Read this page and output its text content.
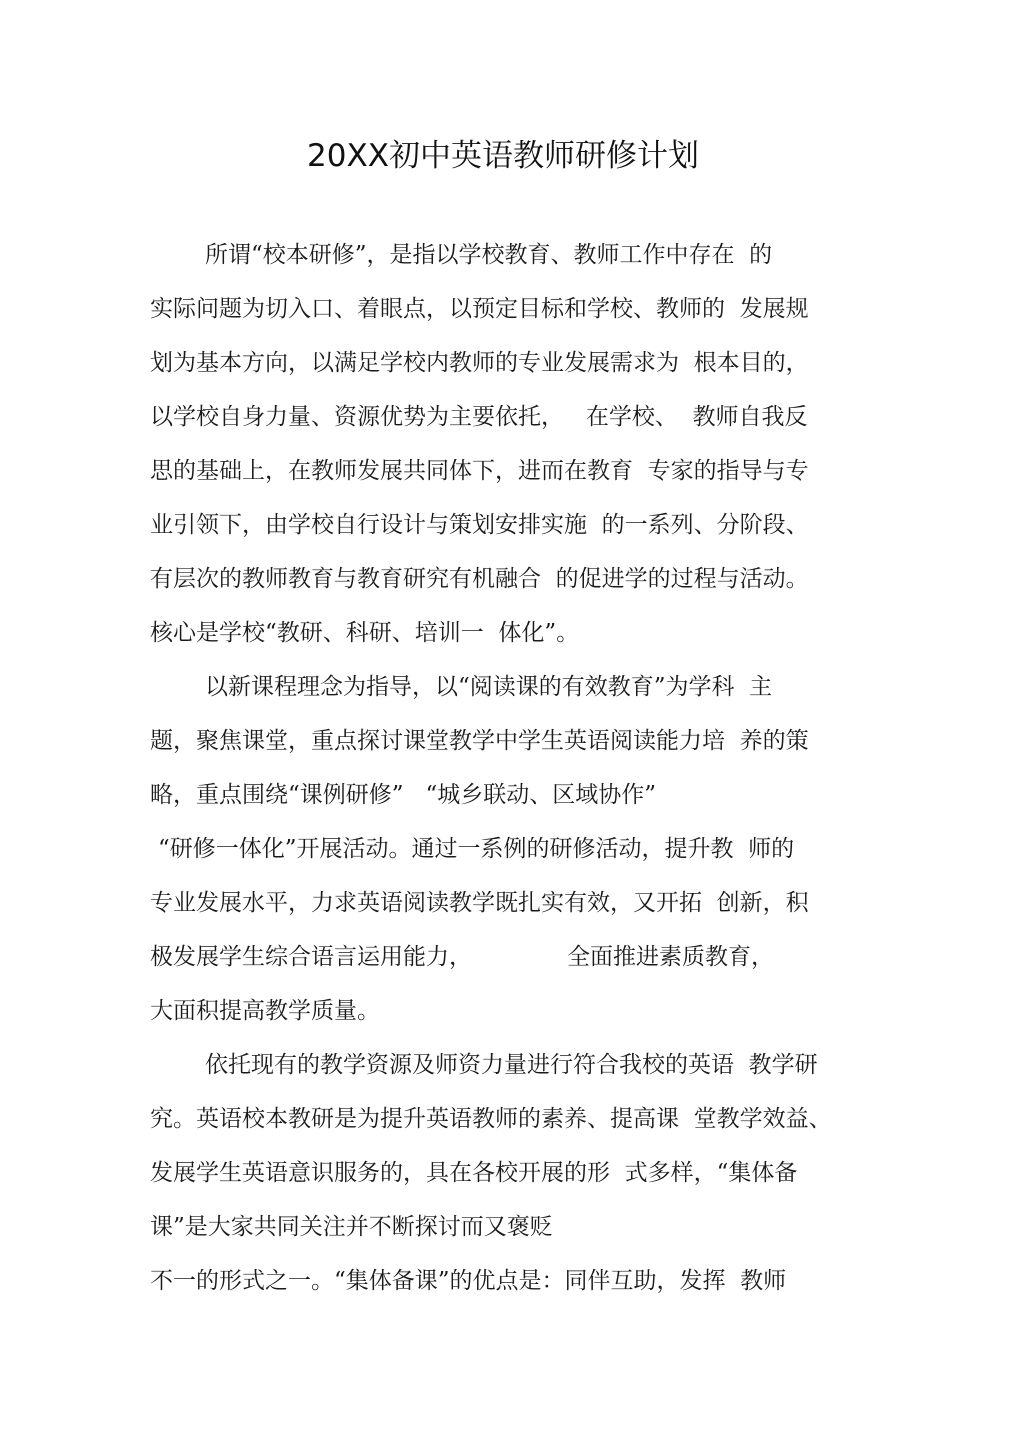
20XX初中英语教师研修计划
所谓“校本研修”，是指以学校教育、教师工作中存在  的
实际问题为切入口、着眼点，以预定目标和学校、教师的  发展规
划为基本方向，以满足学校内教师的专业发展需求为  根本目的，
以学校自身力量、资源优势为主要依托，   在学校、  教师自我反
思的基础上，在教师发展共同体下，进而在教育  专家的指导与专
业引领下，由学校自行设计与策划安排实施  的一系列、分阶段、
有层次的教师教育与教育研究有机融合  的促进学的过程与活动。
核心是学校“教研、科研、培训一  体化”。
以新课程理念为指导，以“阅读课的有效教育”为学科  主
题，聚焦课堂，重点探讨课堂教学中学生英语阅读能力培  养的策
略，重点围绕“课例研修”   “城乡联动、区域协作”
“研修一体化”开展活动。通过一系例的研修活动，提升教  师的
专业发展水平，力求英语阅读教学既扎实有效，又开拓  创新，积
极发展学生综合语言运用能力，             全面推进素质教育，
大面积提高教学质量。
依托现有的教学资源及师资力量进行符合我校的英语  教学研
究。英语校本教研是为提升英语教师的素养、提高课  堂教学效益、
发展学生英语意识服务的，具在各校开展的形  式多样，“集体备
课”是大家共同关注并不断探讨而又褒贬
不一的形式之一。“集体备课”的优点是：同伴互助，发挥  教师
